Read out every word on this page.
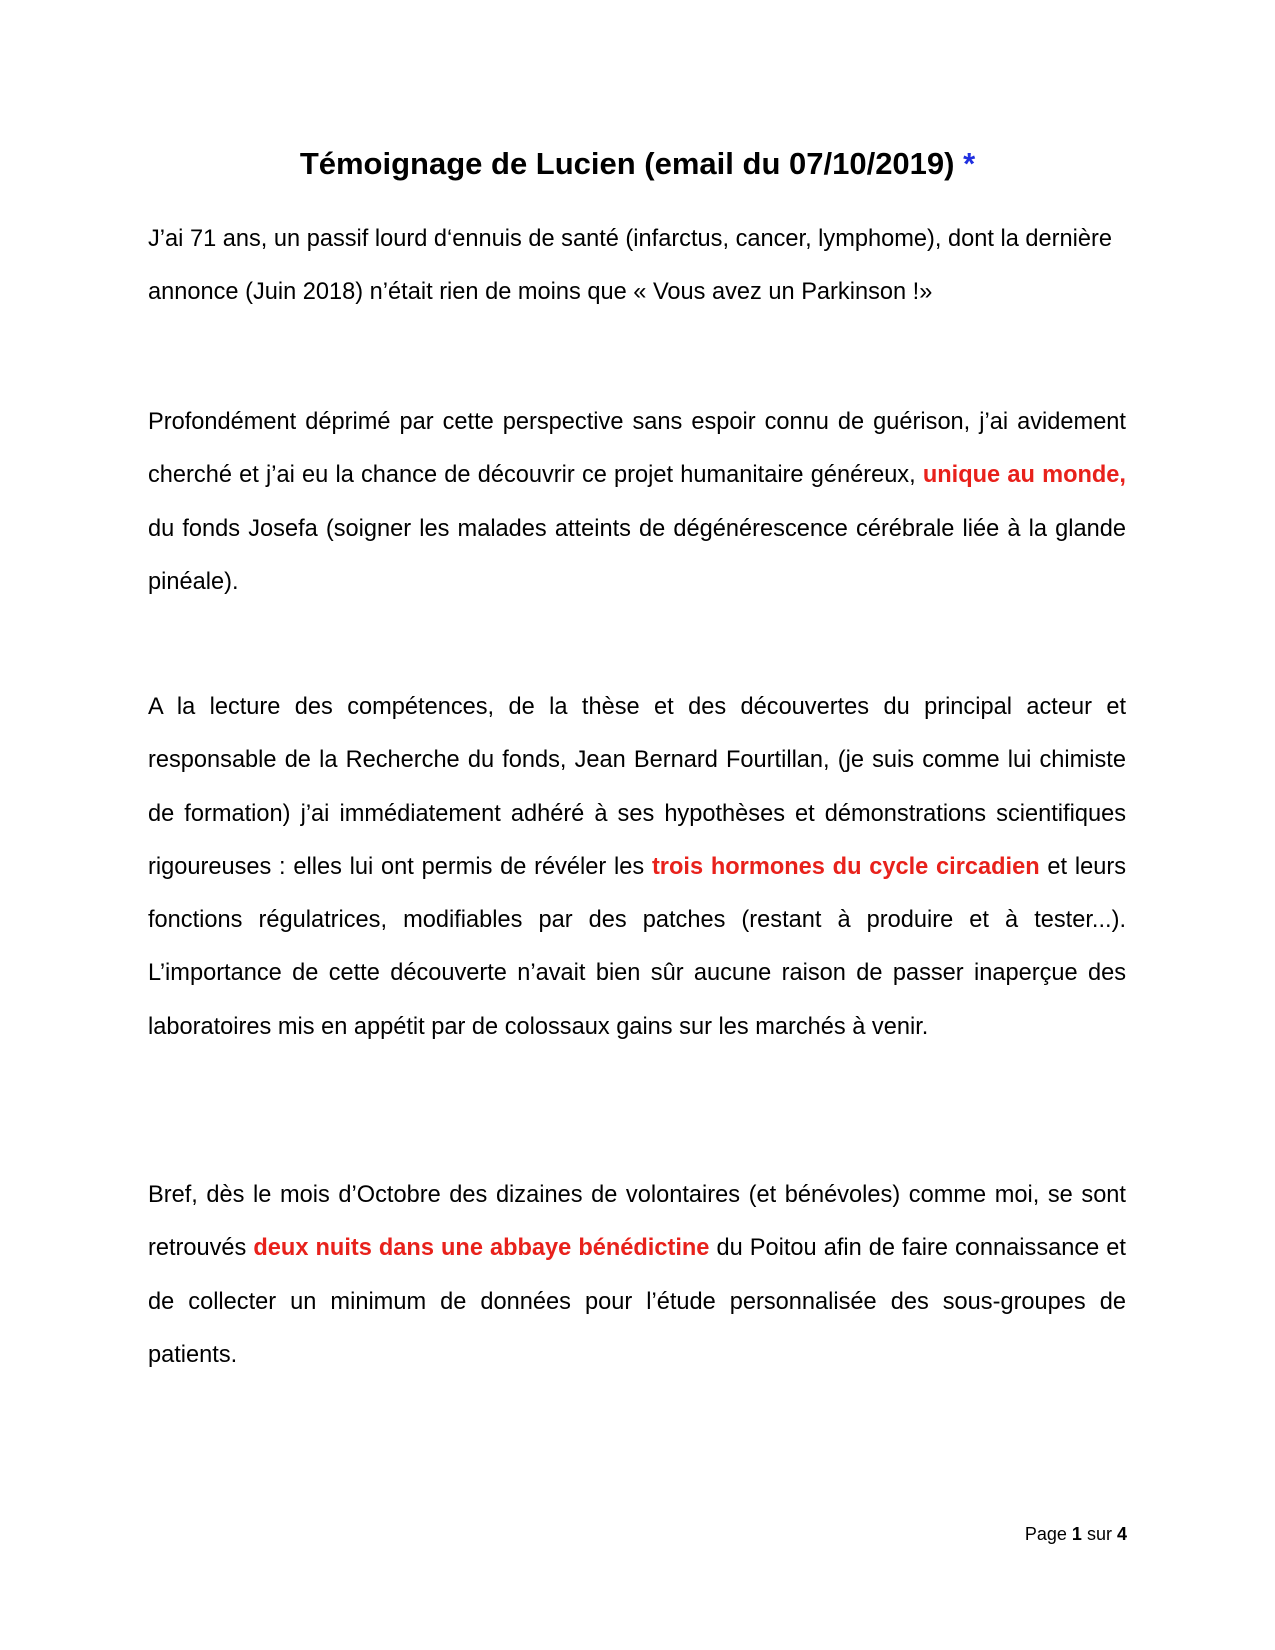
Témoignage de Lucien (email du 07/10/2019) *

J’ai 71 ans, un passif lourd d‘ennuis de santé (infarctus, cancer, lymphome), dont la dernière annonce (Juin 2018) n’était rien de moins que « Vous avez un Parkinson !»

Profondément déprimé par cette perspective sans espoir connu de guérison, j’ai avidement cherché et j’ai eu la chance de découvrir ce projet humanitaire généreux, unique au monde, du fonds Josefa (soigner les malades atteints de dégénérescence cérébrale liée à la glande pinéale).

A la lecture des compétences, de la thèse et des découvertes du principal acteur et responsable de la Recherche du fonds, Jean Bernard Fourtillan, (je suis comme lui chimiste de formation) j’ai immédiatement adhéré à ses hypothèses et démonstrations scientifiques rigoureuses : elles lui ont permis de révéler les trois hormones du cycle circadien et leurs fonctions régulatrices, modifiables par des patches (restant à produire et à tester...). L’importance de cette découverte n’avait bien sûr aucune raison de passer inaperçue des laboratoires mis en appétit par de colossaux gains sur les marchés à venir.

Bref, dès le mois d’Octobre des dizaines de volontaires (et bénévoles) comme moi, se sont retrouvés deux nuits dans une abbaye bénédictine du Poitou afin de faire connaissance et de collecter un minimum de données pour l’étude personnalisée des sous-groupes de patients.

Page 1 sur 4
